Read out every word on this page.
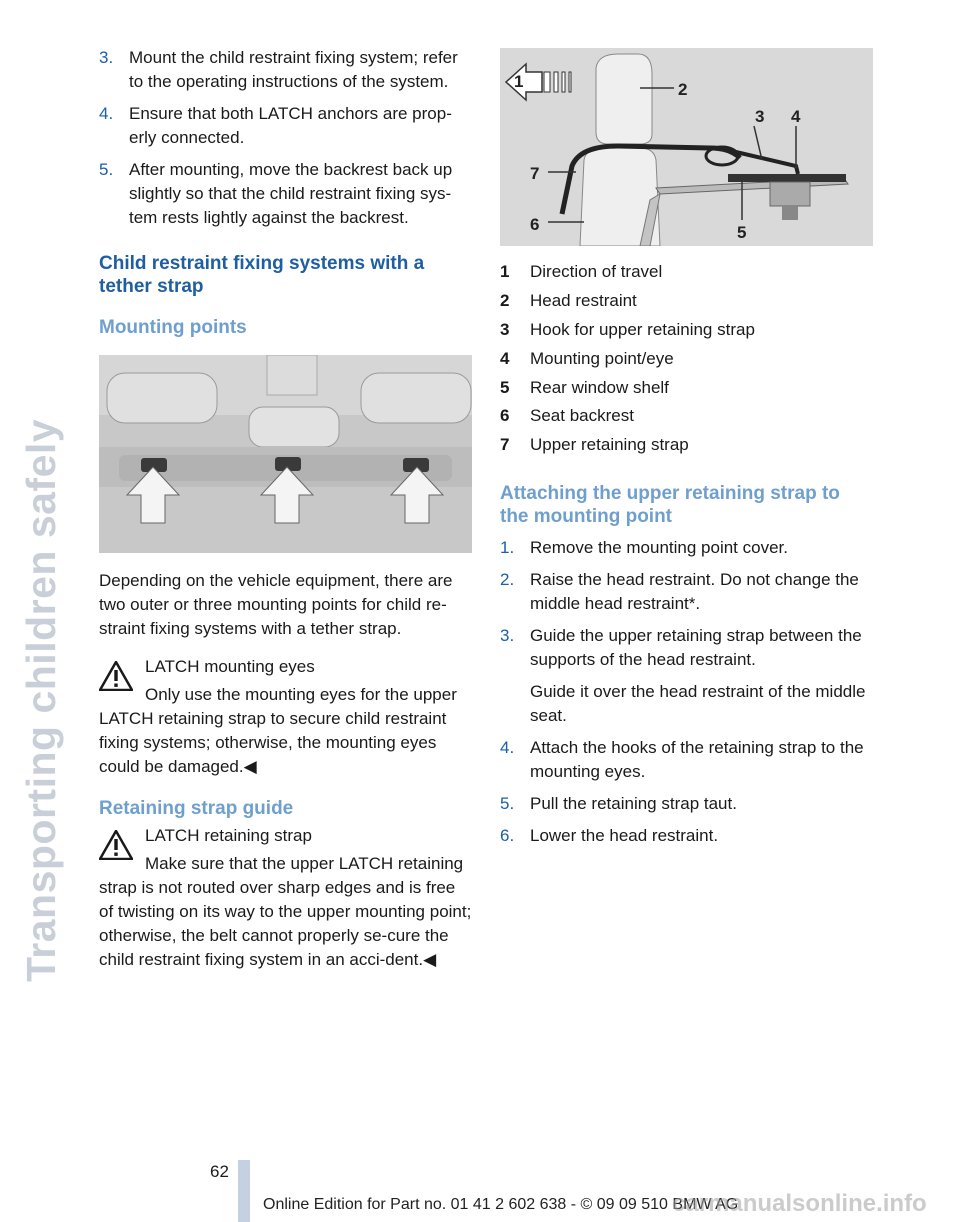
Transporting children safely
3. Mount the child restraint fixing system; refer to the operating instructions of the system.
4. Ensure that both LATCH anchors are prop-erly connected.
5. After mounting, move the backrest back up slightly so that the child restraint fixing sys-tem rests lightly against the backrest.
Child restraint fixing systems with a tether strap
Mounting points

Depending on the vehicle equipment, there are two outer or three mounting points for child re-straint fixing systems with a tether strap.

LATCH mounting eyes
Only use the mounting eyes for the upper LATCH retaining strap to secure child restraint fixing systems; otherwise, the mounting eyes could be damaged.◀
Retaining strap guide
LATCH retaining strap
Make sure that the upper LATCH retaining strap is not routed over sharp edges and is free of twisting on its way to the upper mounting point; otherwise, the belt cannot properly se-cure the child restraint fixing system in an acci-dent.◀
1	2
3 4
5
6
7
1	Direction of travel
2	Head restraint
3	Hook for upper retaining strap
4	Mounting point/eye
5	Rear window shelf
6	Seat backrest
7	Upper retaining strap
Attaching the upper retaining strap to the mounting point
1. Remove the mounting point cover.
2. Raise the head restraint. Do not change the middle head restraint*.
3. Guide the upper retaining strap between the supports of the head restraint.
Guide it over the head restraint of the middle seat.
4. Attach the hooks of the retaining strap to the mounting eyes.
5. Pull the retaining strap taut.
6. Lower the head restraint.
62
Online Edition for Part no. 01 41 2 602 638 - © 09 09 510 BMW AG
carmanualsonline.info
